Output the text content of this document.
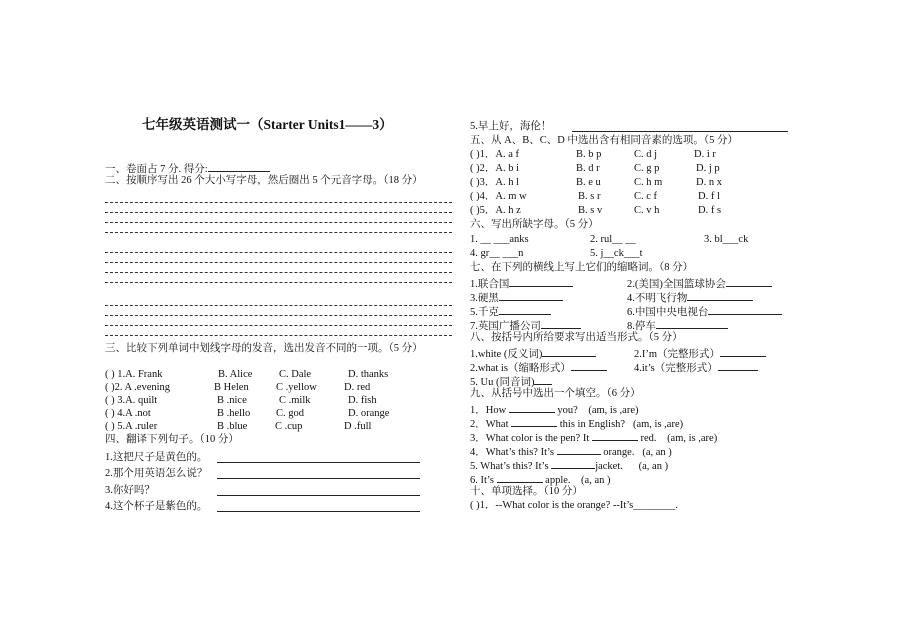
七年级英语测试一（Starter Units1——3）
一、卷面占 7 分. 得分:
二、按顺序写出 26 个大小写字母，然后圈出 5 个元音字母。（18 分）
三、比较下列单词中划线字母的发音，选出发音不同的一项。（5 分）
( ) 1.A. Frank	B. Alice	C. Dale	D. thanks
( )2. A .evening	B Helen	C .yellow	D. red
( ) 3.A. quilt	B .nice	C .milk	D. fish
( ) 4.A .not	B .hello C. god	D. orange
( ) 5.A .ruler	B .blue	C .cup	D .full
四、翻译下列句子。（10 分）
1.这把尺子是黄色的。
2.那个用英语怎么说？
3.你好吗？
4.这个杯子是紫色的。
5.早上好，海伦！
五、从 A、B、C、D 中选出含有相同音素的选项。（5 分）
( )1．A. a f	B. b p	C. d j	D. i r
( )2．A. b i	B. d r	C. g p	D. j p
( )3．A. h l	B. e u	C. h m	D. n x
( )4．A. m w	B. s r	C. c f	D. f l
( )5．A. h z	B. s v	C. v h	D. f s
六、写出所缺字母。（5 分）
1. __ ___anks	2. rul__ __	3. bl___ck
4. gr__ ___n	5. j__ck___t
七、在下列的横线上写上它们的缩略词。（8 分）
1.联合国	2.(美国)全国篮球协会
3.硬黑	4.不明飞行物
5.千克	6.中国中央电视台
7.英国广播公司	8.停车
八、按括号内所给要求写出适当形式。（5 分）
1.white (反义词)	2.I’m（完整形式）
2.what is（缩略形式）	4.it’s（完整形式）
5. Uu (同音词)
九、从括号中选出一个填空。（6 分）
1．How	you? (am, is ,are)
2．What	this in English? (am, is ,are)
3．What color is the pen? It	red. (am, is ,are)
4．What’s this? It’s	orange. (a, an )
5. What’s this? It’s	jacket. (a, an )
6. It’s	apple. (a, an )
十、单项选择。（10 分）
( )1．--What color is the orange? --It’s________.
